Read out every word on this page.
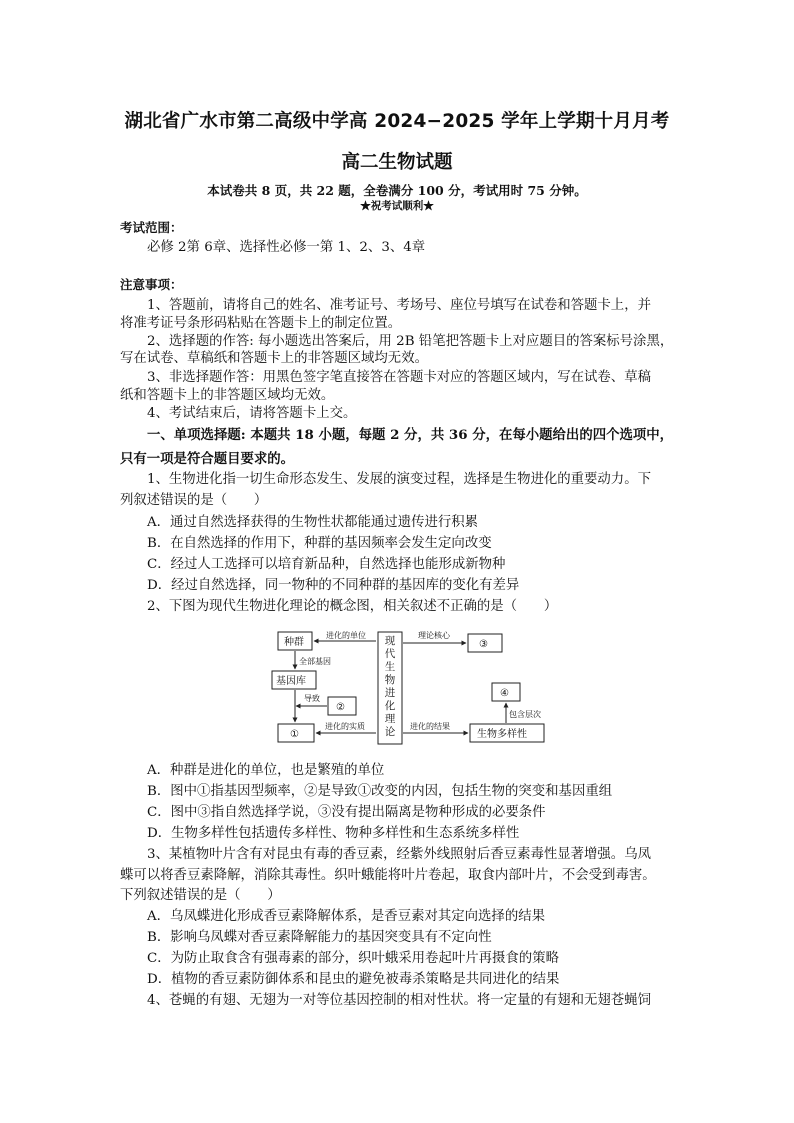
湖北省广水市第二高级中学高 2024−2025 学年上学期十月月考
高二生物试题
本试卷共 8 页，共 22 题，全卷满分 100 分，考试用时 75 分钟。
★祝考试顺利★
考试范围：
必修 2第 6章、选择性必修一第 1、2、3、4章
注意事项：
1、答题前，请将自己的姓名、准考证号、考场号、座位号填写在试卷和答题卡上，并
将准考证号条形码粘贴在答题卡上的制定位置。
2、选择题的作答: 每小题选出答案后，用 2B 铅笔把答题卡上对应题目的答案标号涂黑，
写在试卷、草稿纸和答题卡上的非答题区域均无效。
3、非选择题作答：用黑色签字笔直接答在答题卡对应的答题区域内，写在试卷、草稿
纸和答题卡上的非答题区域均无效。
4、考试结束后，请将答题卡上交。
一、单项选择题: 本题共 18 小题，每题 2 分，共 36 分，在每小题给出的四个选项中，
只有一项是符合题目要求的。
1、生物进化指一切生命形态发生、发展的演变过程，选择是生物进化的重要动力。下
列叙述错误的是（　　）
A．通过自然选择获得的生物性状都能通过遗传进行积累
B．在自然选择的作用下，种群的基因频率会发生定向改变
C．经过人工选择可以培育新品种，自然选择也能形成新物种
D．经过自然选择，同一物种的不同种群的基因库的变化有差异
2、下图为现代生物进化理论的概念图，相关叙述不正确的是（　　）
种群
基因库
②
①
③
④
生物多样性
现
代
生
物
进
化
理
论
进化的单位
全部基因
导致
进化的实质
理论核心
进化的结果
包含层次
A．种群是进化的单位，也是繁殖的单位
B．图中①指基因型频率，②是导致①改变的内因，包括生物的突变和基因重组
C．图中③指自然选择学说，③没有提出隔离是物种形成的必要条件
D．生物多样性包括遗传多样性、物种多样性和生态系统多样性
3、某植物叶片含有对昆虫有毒的香豆素，经紫外线照射后香豆素毒性显著增强。乌凤
蝶可以将香豆素降解，消除其毒性。织叶蛾能将叶片卷起，取食内部叶片，不会受到毒害。
下列叙述错误的是（　　）
A．乌凤蝶进化形成香豆素降解体系，是香豆素对其定向选择的结果
B．影响乌凤蝶对香豆素降解能力的基因突变具有不定向性
C．为防止取食含有强毒素的部分，织叶蛾采用卷起叶片再摄食的策略
D．植物的香豆素防御体系和昆虫的避免被毒杀策略是共同进化的结果
4、苍蝇的有翅、无翅为一对等位基因控制的相对性状。将一定量的有翅和无翅苍蝇饲
